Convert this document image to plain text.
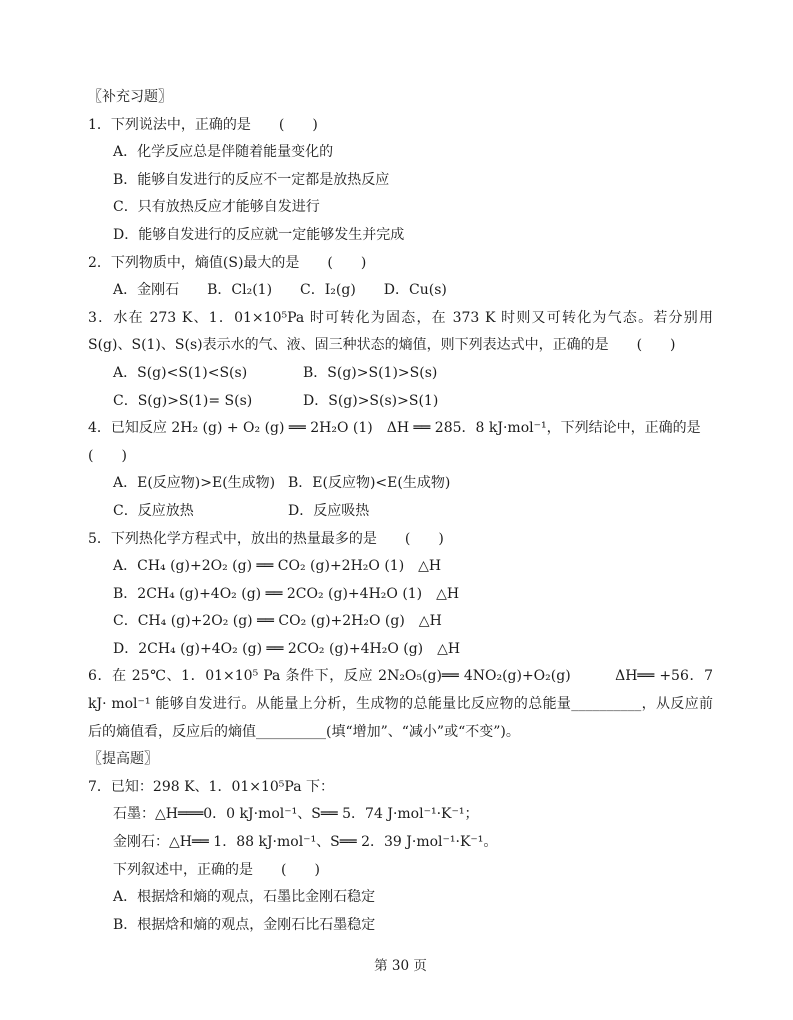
〖补充习题〗
1．下列说法中，正确的是　　(　　)
A．化学反应总是伴随着能量变化的
B．能够自发进行的反应不一定都是放热反应
C．只有放热反应才能够自发进行
D．能够自发进行的反应就一定能够发生并完成
2．下列物质中，熵值(S)最大的是　　(　　)
A．金刚石 B．Cl₂(1) C．I₂(g) D．Cu(s)
3．水在 273 K、1．01×10⁵Pa 时可转化为固态，在 373 K 时则又可转化为气态。若分别用 S(g)、S(1)、S(s)表示水的气、液、固三种状态的熵值，则下列表达式中，正确的是　　(　　)
A．S(g)<S(1)<S(s)	B．S(g)>S(1)>S(s)
C．S(g)>S(1)= S(s)	D．S(g)>S(s)>S(1)
4．已知反应 2H₂ (g) + O₂ (g) ══ 2H₂O (1)　ΔH ══ 285．8 kJ·mol⁻¹，下列结论中，正确的是　　(　　)
A．E(反应物)>E(生成物) B．E(反应物)<E(生成物)
C．反应放热	D．反应吸热
5．下列热化学方程式中，放出的热量最多的是　　(　　)
A．CH₄ (g)+2O₂ (g) ══ CO₂ (g)+2H₂O (1)　△H
B．2CH₄ (g)+4O₂ (g) ══ 2CO₂ (g)+4H₂O (1)　△H
C．CH₄ (g)+2O₂ (g) ══ CO₂ (g)+2H₂O (g)　△H
D．2CH₄ (g)+4O₂ (g) ══ 2CO₂ (g)+4H₂O (g)　△H
6．在 25℃、1．01×10⁵ Pa 条件下，反应 2N₂O₅(g)══ 4NO₂(g)+O₂(g)　　　ΔH══ +56．7 kJ· mol⁻¹ 能够自发进行。从能量上分析，生成物的总能量比反应物的总能量__________，从反应前后的熵值看，反应后的熵值__________(填“增加”、“减小”或“不变”)。
〖提高题〗
7．已知：298 K、1．01×10⁵Pa 下：
石墨：△H═══0．0 kJ·mol⁻¹、S══ 5．74 J·mol⁻¹·K⁻¹；
金刚石：△H══ 1．88 kJ·mol⁻¹、S══ 2．39 J·mol⁻¹·K⁻¹。
下列叙述中，正确的是　　(　　)
A．根据焓和熵的观点，石墨比金刚石稳定
B．根据焓和熵的观点，金刚石比石墨稳定
第 30 页
